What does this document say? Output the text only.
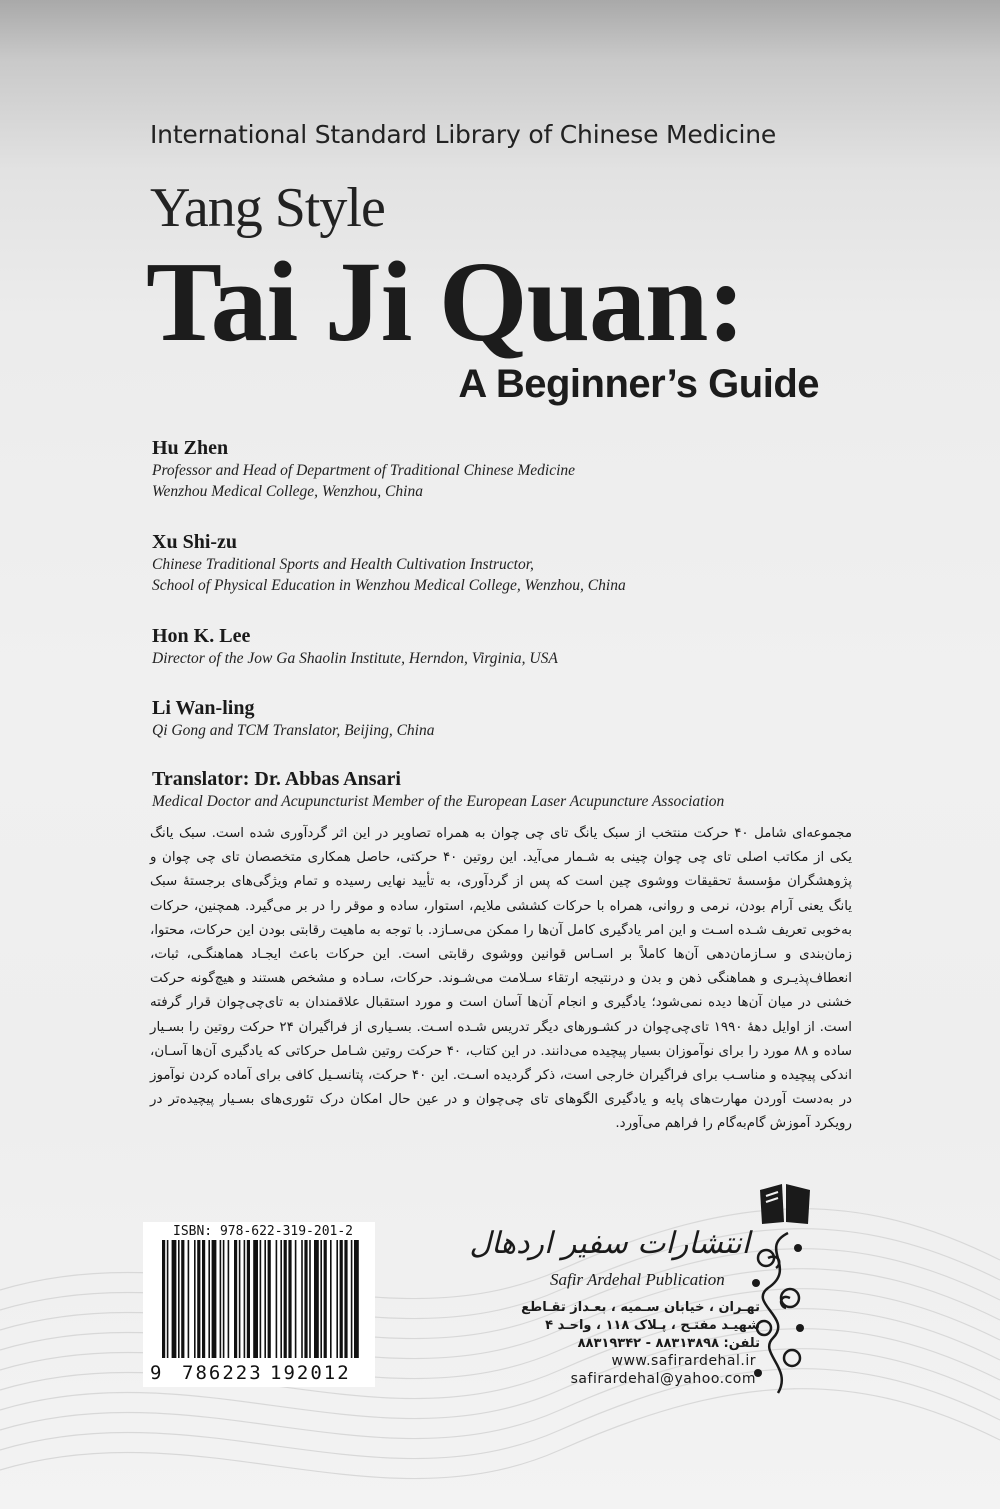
International Standard Library of Chinese Medicine
Yang Style
Tai Ji Quan:
A Beginner’s Guide
Hu Zhen
Professor and Head of Department of Traditional Chinese Medicine
Wenzhou Medical College, Wenzhou, China
Xu Shi-zu
Chinese Traditional Sports and Health Cultivation Instructor,
School of Physical Education in Wenzhou Medical College, Wenzhou, China
Hon K. Lee
Director of the Jow Ga Shaolin Institute, Herndon, Virginia, USA
Li Wan-ling
Qi Gong and TCM Translator, Beijing, China
Translator: Dr. Abbas Ansari
Medical Doctor and Acupuncturist Member of the European Laser Acupuncture Association

مجموعه‌ای شامل ۴۰ حرکت منتخب از سبک یانگ تای چی چوان به همراه تصاویر در این اثر گردآوری شده است. سبک یانگ یکی از مکاتب اصلی تای چی چوان چینی به شـمار می‌آید. این روتین ۴۰ حرکتی، حاصل همکاری متخصصان تای چی چوان و پژوهشگران مؤسسهٔ تحقیقات ووشوی چین است که پس از گردآوری، به تأیید نهایی رسیده و تمام ویژگی‌های برجستهٔ سبک یانگ یعنی آرام بودن، نرمی و روانی، همراه با حرکات کششی ملایم، استوار، ساده و موقر را در بر می‌گیرد. همچنین، حرکات به‌خوبی تعریف شـده اسـت و این امر یادگیری کامل آن‌ها را ممکن می‌سـازد. با توجه به ماهیت رقابتی بودن این حرکات، محتوا، زمان‌بندی و سـازمان‌دهی آن‌ها کاملاً بر اسـاس قوانین ووشوی رقابتی است. این حرکات باعث ایجـاد هماهنگـی، ثبات، انعطاف‌پذیـری و هماهنگی ذهن و بدن و درنتیجه ارتقاء سـلامت می‌شـوند. حرکات، سـاده و مشخص هستند و هیچ‌گونه حرکت خشنی در میان آن‌ها دیده نمی‌شود؛ یادگیری و انجام آن‌ها آسان است و مورد استقبال علاقمندان به تای‌چی‌چوان قرار گرفته است. از اوایل دههٔ ۱۹۹۰ تای‌چی‌چوان در کشـورهای دیگر تدریس شـده اسـت. بسـیاری از فراگیران ۲۴ حرکت روتین را بسـیار ساده و ۸۸ مورد را برای نوآموزان بسیار پیچیده می‌دانند. در این کتاب، ۴۰ حرکت روتین شـامل حرکاتی که یادگیری آن‌ها آسـان، اندکی پیچیده و مناسـب برای فراگیران خارجی است، ذکر گردیده اسـت. این ۴۰ حرکت، پتانسـیل کافی برای آماده کردن نوآموز در به‌دست آوردن مهارت‌های پایه و یادگیری الگوهای تای چی‌چوان و در عین حال امکان درک تئوری‌های بسـیار پیچیده‌تر در رویکرد آموزش گام‌به‌گام را فراهم می‌آورد.

ISBN: 978-622-319-201-2

9 786223 192012

انتشارات سفیر اردهال

Safir Ardehal Publication

تهـران ، خیابان سـمیه ، بعـداز تقـاطع

شهیـد مفتـح ، پـلاک ۱۱۸ ، واحـد ۴

تلفن: ۸۸۳۱۳۸۹۸ - ۸۸۳۱۹۳۴۲

www.safirardehal.ir

safirardehal@yahoo.com
